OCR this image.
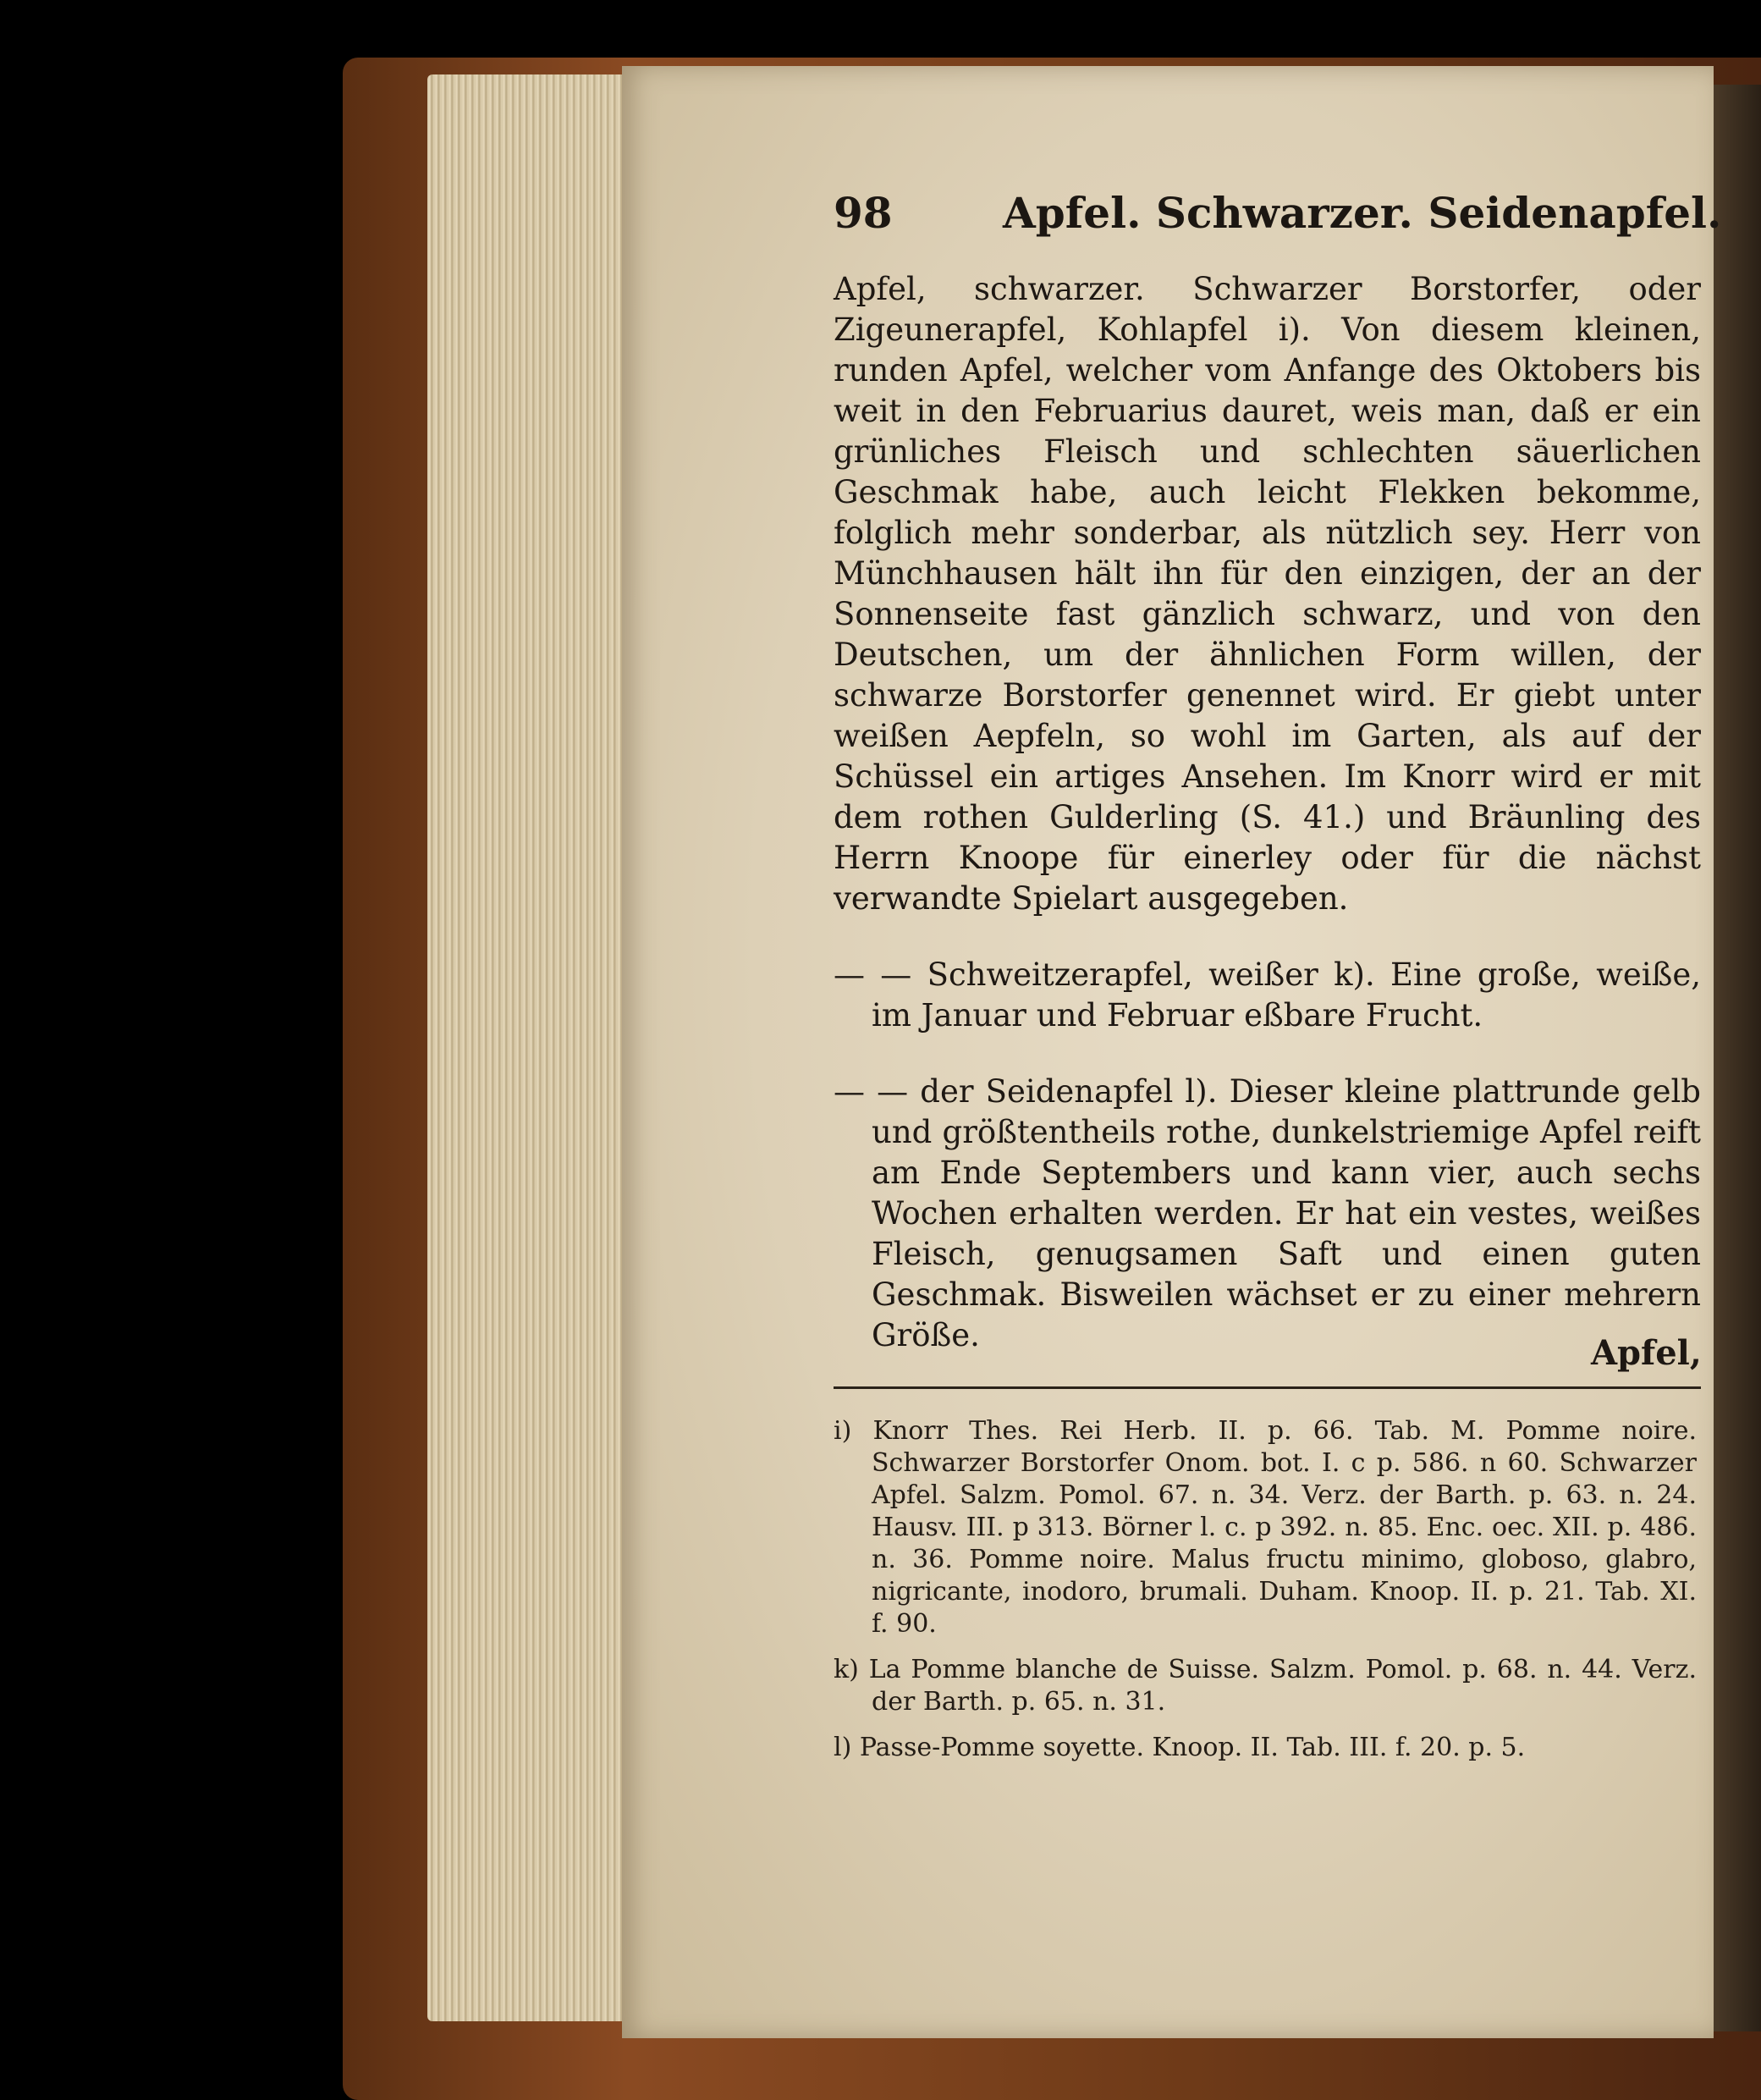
98	Apfel. Schwarzer. Seidenapfel.

Apfel, schwarzer. Schwarzer Borstorfer, oder Zigeunerapfel, Kohlapfel i). Von diesem kleinen, runden Apfel, welcher vom Anfange des Oktobers bis weit in den Februarius dauret, weis man, daß er ein grünliches Fleisch und schlechten säuerlichen Geschmak habe, auch leicht Flekken bekomme, folglich mehr sonderbar, als nützlich sey. Herr von Münchhausen hält ihn für den einzigen, der an der Sonnenseite fast gänzlich schwarz, und von den Deutschen, um der ähnlichen Form willen, der schwarze Borstorfer genennet wird. Er giebt unter weißen Aepfeln, so wohl im Garten, als auf der Schüssel ein artiges Ansehen. Im Knorr wird er mit dem rothen Gulderling (S. 41.) und Bräunling des Herrn Knoope für einerley oder für die nächst verwandte Spielart ausgegeben.

— — Schweitzerapfel, weißer k). Eine große, weiße, im Januar und Februar eßbare Frucht.

— — der Seidenapfel l). Dieser kleine plattrunde gelb und größtentheils rothe, dunkelstriemige Apfel reift am Ende Septembers und kann vier, auch sechs Wochen erhalten werden. Er hat ein vestes, weißes Fleisch, genugsamen Saft und einen guten Geschmak. Bisweilen wächset er zu einer mehrern Größe.	Apfel,

i) Knorr Thes. Rei Herb. II. p. 66. Tab. M. Pomme noire. Schwarzer Borstorfer Onom. bot. I. c p. 586. n 60. Schwarzer Apfel. Salzm. Pomol. 67. n. 34. Verz. der Barth. p. 63. n. 24. Hausv. III. p 313. Börner l. c. p 392. n. 85. Enc. oec. XII. p. 486. n. 36. Pomme noire. Malus fructu minimo, globoso, glabro, nigricante, inodoro, brumali. Duham. Knoop. II. p. 21. Tab. XI. f. 90.

k) La Pomme blanche de Suisse. Salzm. Pomol. p. 68. n. 44. Verz. der Barth. p. 65. n. 31.

l) Passe-Pomme soyette. Knoop. II. Tab. III. f. 20. p. 5.
